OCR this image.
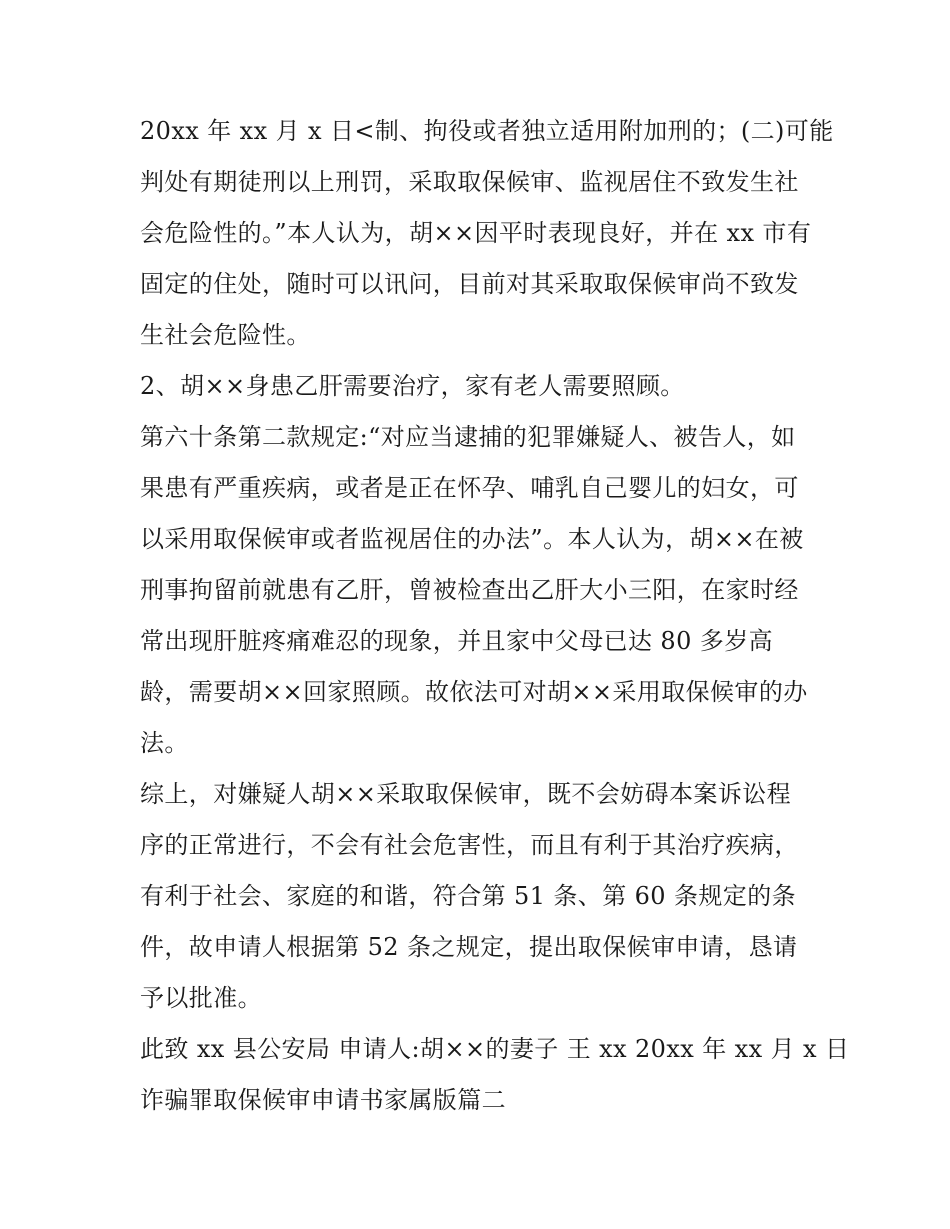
20xx 年 xx 月 x 日<制、拘役或者独立适用附加刑的；(二)可能
判处有期徒刑以上刑罚，采取取保候审、监视居住不致发生社
会危险性的。”本人认为，胡××因平时表现良好，并在 xx 市有
固定的住处，随时可以讯问，目前对其采取取保候审尚不致发
生社会危险性。
2、胡××身患乙肝需要治疗，家有老人需要照顾。
第六十条第二款规定:“对应当逮捕的犯罪嫌疑人、被告人，如
果患有严重疾病，或者是正在怀孕、哺乳自己婴儿的妇女，可
以采用取保候审或者监视居住的办法”。本人认为，胡××在被
刑事拘留前就患有乙肝，曾被检查出乙肝大小三阳，在家时经
常出现肝脏疼痛难忍的现象，并且家中父母已达 80 多岁高
龄，需要胡××回家照顾。故依法可对胡××采用取保候审的办
法。
综上，对嫌疑人胡××采取取保候审，既不会妨碍本案诉讼程
序的正常进行，不会有社会危害性，而且有利于其治疗疾病，
有利于社会、家庭的和谐，符合第 51 条、第 60 条规定的条
件，故申请人根据第 52 条之规定，提出取保候审申请，恳请
予以批准。
此致 xx 县公安局 申请人:胡××的妻子 王 xx 20xx 年 xx 月 x 日
诈骗罪取保候审申请书家属版篇二
